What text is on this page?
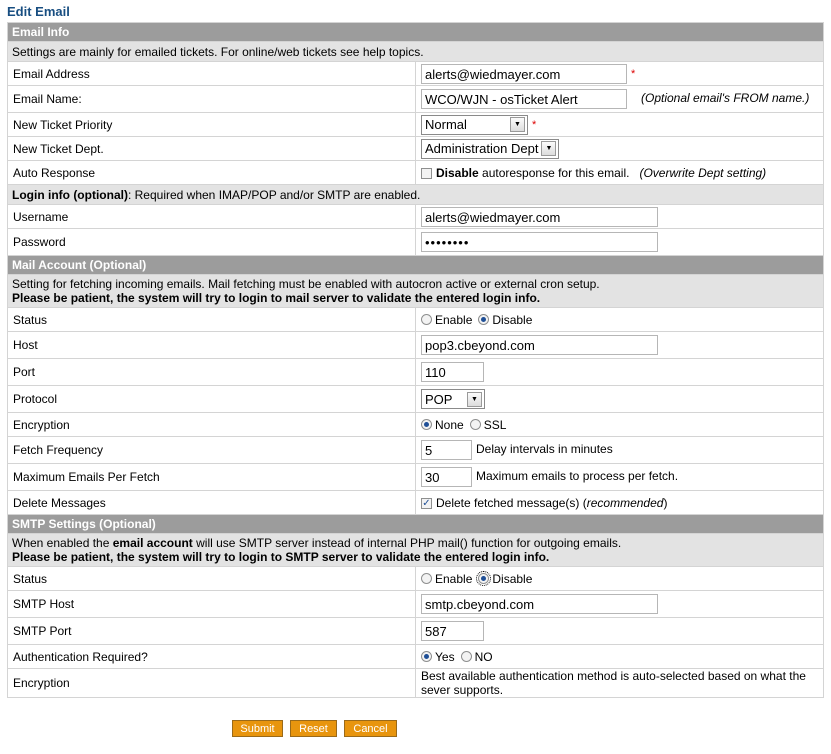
Edit Email
Email Info	
Settings are mainly for emailed tickets. For online/web tickets see help topics.	
Email Address	alerts@wiedmayer.com *
Email Name:	WCO/WJN - osTicket Alert (Optional email's FROM name.)
New Ticket Priority	Normal ▼ *
New Ticket Dept.	Administration Dept ▼

Auto Response	Disable autoresponse for this email. (Overwrite Dept setting)
Login info (optional): Required when IMAP/POP and/or SMTP are enabled.	
Username	alerts@wiedmayer.com
Password	••••••••
Mail Account (Optional)	
Setting for fetching incoming emails. Mail fetching must be enabled with autocron active or external cron setup.
Please be patient, the system will try to login to mail server to validate the entered login info.	
Status	Enable Disable
Host	pop3.cbeyond.com
Port	110
Protocol	POP ▼

Encryption	None SSL
Fetch Frequency	5 Delay intervals in minutes
Maximum Emails Per Fetch	30 Maximum emails to process per fetch.
Delete Messages	✓ Delete fetched message(s) (recommended)
SMTP Settings (Optional)	
When enabled the email account will use SMTP server instead of internal PHP mail() function for outgoing emails.
Please be patient, the system will try to login to SMTP server to validate the entered login info.	
Status	Enable Disable
SMTP Host	smtp.cbeyond.com
SMTP Port	587
Authentication Required?	Yes NO
Encryption	Best available authentication method is auto-selected based on what the sever supports.
Submit Reset Cancel
